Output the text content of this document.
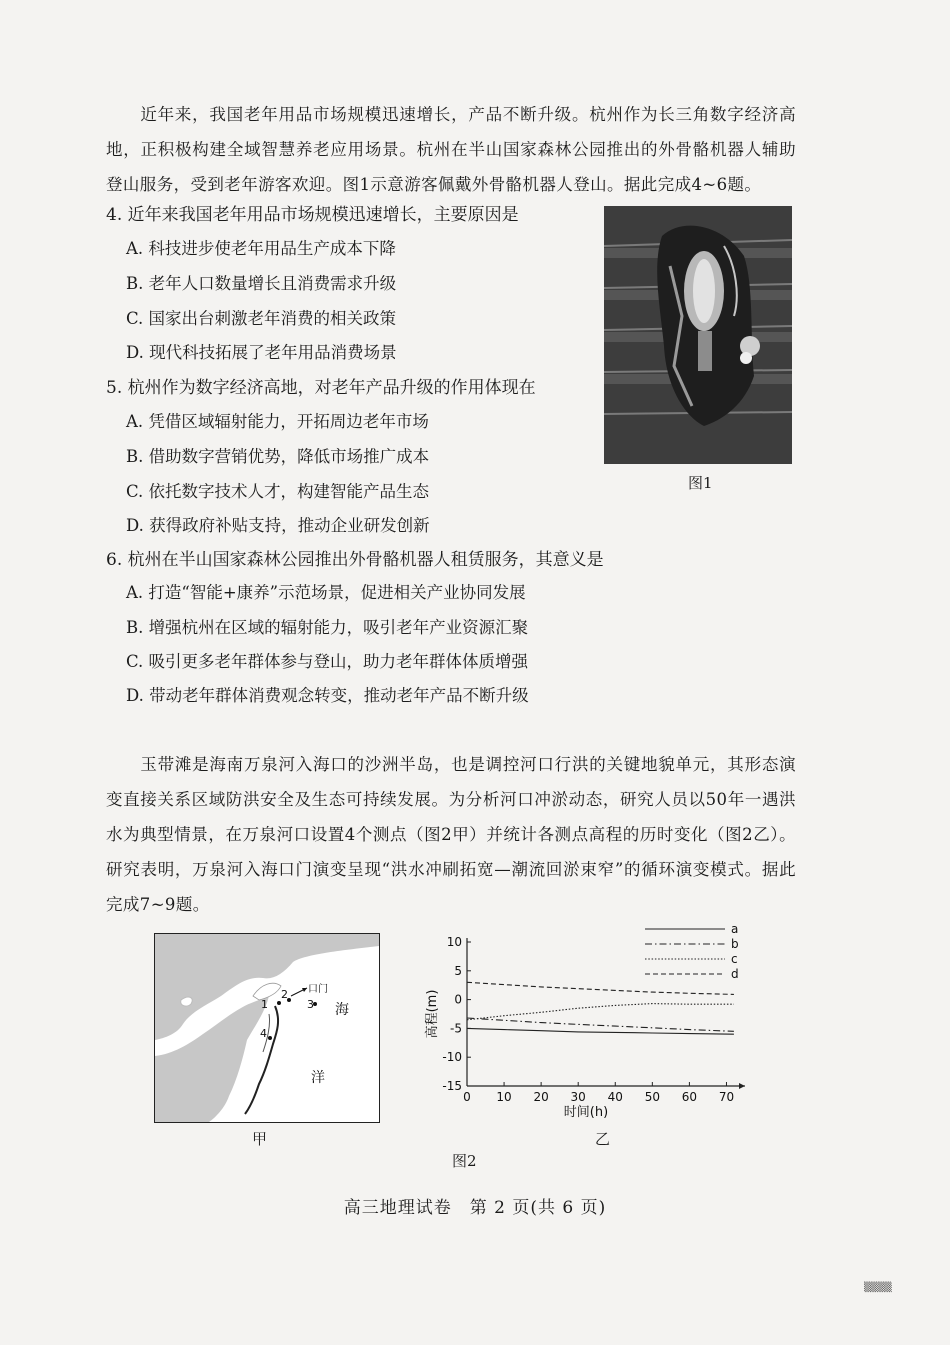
近年来，我国老年用品市场规模迅速增长，产品不断升级。杭州作为长三角数字经济高地，正积极构建全域智慧养老应用场景。杭州在半山国家森林公园推出的外骨骼机器人辅助登山服务，受到老年游客欢迎。图1示意游客佩戴外骨骼机器人登山。据此完成4~6题。
4. 近年来我国老年用品市场规模迅速增长，主要原因是
A. 科技进步使老年用品生产成本下降
B. 老年人口数量增长且消费需求升级
C. 国家出台刺激老年消费的相关政策
D. 现代科技拓展了老年用品消费场景
5. 杭州作为数字经济高地，对老年产品升级的作用体现在
A. 凭借区域辐射能力，开拓周边老年市场
B. 借助数字营销优势，降低市场推广成本
C. 依托数字技术人才，构建智能产品生态
D. 获得政府补贴支持，推动企业研发创新
6. 杭州在半山国家森林公园推出外骨骼机器人租赁服务，其意义是
A. 打造“智能+康养”示范场景，促进相关产业协同发展
B. 增强杭州在区域的辐射能力，吸引老年产业资源汇聚
C. 吸引更多老年群体参与登山，助力老年群体体质增强
D. 带动老年群体消费观念转变，推动老年产品不断升级
图1
玉带滩是海南万泉河入海口的沙洲半岛，也是调控河口行洪的关键地貌单元，其形态演变直接关系区域防洪安全及生态可持续发展。为分析河口冲淤动态，研究人员以50年一遇洪水为典型情景，在万泉河口设置4个测点（图2甲）并统计各测点高程的历时变化（图2乙）。研究表明，万泉河入海口门演变呈现“洪水冲刷拓宽—潮流回淤束窄”的循环演变模式。据此完成7~9题。
1
2
3
4
口门
海
洋
甲
0 10 20 30 40 50 60 70
10
5
0
-5
-10
-15
时间(h)
高程(m)
a
b
c
d
乙
图2
高三地理试卷　第 2 页(共 6 页)
▒▒▒▒
